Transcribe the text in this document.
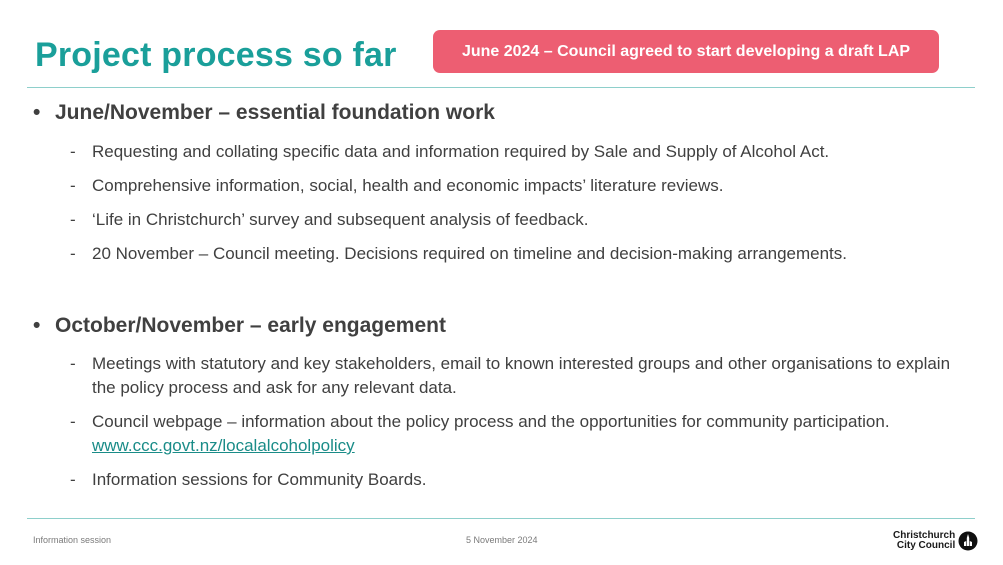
Project process so far	June 2024 – Council agreed to start developing a draft LAP
• June/November – essential foundation work
- Requesting and collating specific data and information required by Sale and Supply of Alcohol Act.
- Comprehensive information, social, health and economic impacts’ literature reviews.
- ‘Life in Christchurch’ survey and subsequent analysis of feedback.
- 20 November – Council meeting. Decisions required on timeline and decision-making arrangements.
• October/November – early engagement
- Meetings with statutory and key stakeholders, email to known interested groups and other organisations to explain the policy process and ask for any relevant data.
- Council webpage – information about the policy process and the opportunities for community participation. www.ccc.govt.nz/localalcoholpolicy
- Information sessions for Community Boards.
Information session	5 November 2024	Christchurch
City Council
